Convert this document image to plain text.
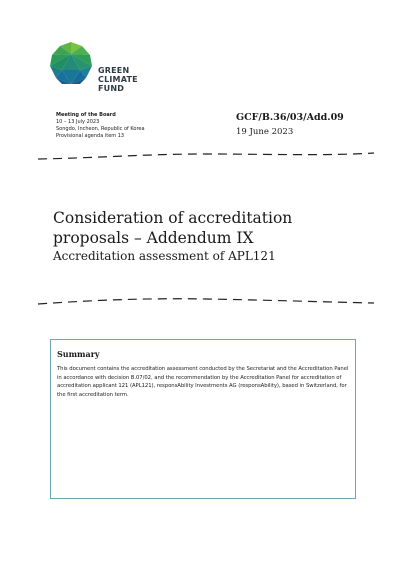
GREEN
CLIMATE
FUND
Meeting of the Board
10 – 13 July 2023
Songdo, Incheon, Republic of Korea
Provisional agenda item 13
GCF/B.36/03/Add.09
19 June 2023
Consideration of accreditation proposals – Addendum IX
Accreditation assessment of APL121
Summary
This document contains the accreditation assessment conducted by the Secretariat and the Accreditation Panel in accordance with decision B.07/02, and the recommendation by the Accreditation Panel for accreditation of accreditation applicant 121 (APL121), responsAbility Investments AG (responsAbility), based in Switzerland, for the first accreditation term.
